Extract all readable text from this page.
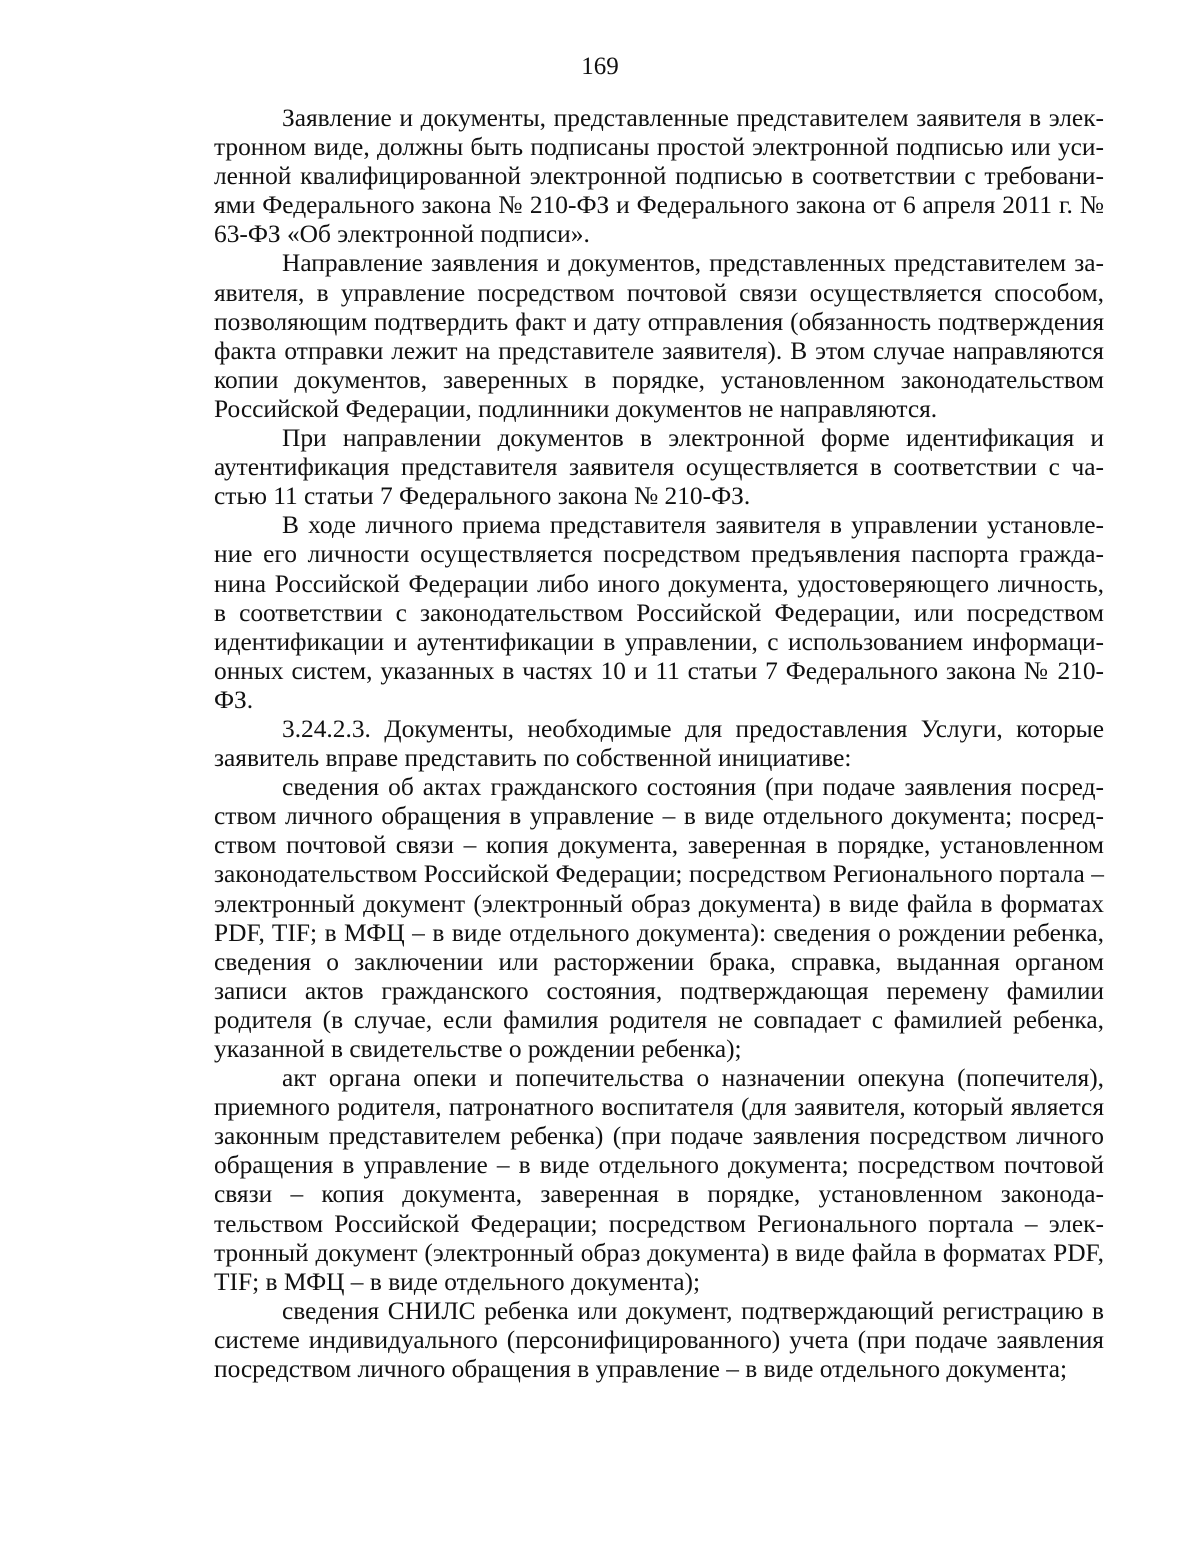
169

Заявление и документы, представленные представителем заявителя в электронном виде, должны быть подписаны простой электронной подписью или усиленной квалифицированной электронной подписью в соответствии с требованиями Федерального закона № 210-ФЗ и Федерального закона от 6 апреля 2011 г. № 63-ФЗ «Об электронной подписи».

Направление заявления и документов, представленных представителем заявителя, в управление посредством почтовой связи осуществляется способом, позволяющим подтвердить факт и дату отправления (обязанность подтверждения факта отправки лежит на представителе заявителя). В этом случае направляются копии документов, заверенных в порядке, установленном законодательством Российской Федерации, подлинники документов не направляются.

При направлении документов в электронной форме идентификация и аутентификация представителя заявителя осуществляется в соответствии с частью 11 статьи 7 Федерального закона № 210-ФЗ.

В ходе личного приема представителя заявителя в управлении установление его личности осуществляется посредством предъявления паспорта гражданина Российской Федерации либо иного документа, удостоверяющего личность, в соответствии с законодательством Российской Федерации, или посредством идентификации и аутентификации в управлении, с использованием информационных систем, указанных в частях 10 и 11 статьи 7 Федерального закона № 210-ФЗ.

3.24.2.3. Документы, необходимые для предоставления Услуги, которые заявитель вправе представить по собственной инициативе:

сведения об актах гражданского состояния (при подаче заявления посредством личного обращения в управление – в виде отдельного документа; посредством почтовой связи – копия документа, заверенная в порядке, установленном законодательством Российской Федерации; посредством Регионального портала – электронный документ (электронный образ документа) в виде файла в форматах PDF, TIF; в МФЦ – в виде отдельного документа): сведения о рождении ребенка, сведения о заключении или расторжении брака, справка, выданная органом записи актов гражданского состояния, подтверждающая перемену фамилии родителя (в случае, если фамилия родителя не совпадает с фамилией ребенка, указанной в свидетельстве о рождении ребенка);

акт органа опеки и попечительства о назначении опекуна (попечителя), приемного родителя, патронатного воспитателя (для заявителя, который является законным представителем ребенка) (при подаче заявления посредством личного обращения в управление – в виде отдельного документа; посредством почтовой связи – копия документа, заверенная в порядке, установленном законодательством Российской Федерации; посредством Регионального портала – электронный документ (электронный образ документа) в виде файла в форматах PDF, TIF; в МФЦ – в виде отдельного документа);

сведения СНИЛС ребенка или документ, подтверждающий регистрацию в системе индивидуального (персонифицированного) учета (при подаче заявления посредством личного обращения в управление – в виде отдельного документа;
